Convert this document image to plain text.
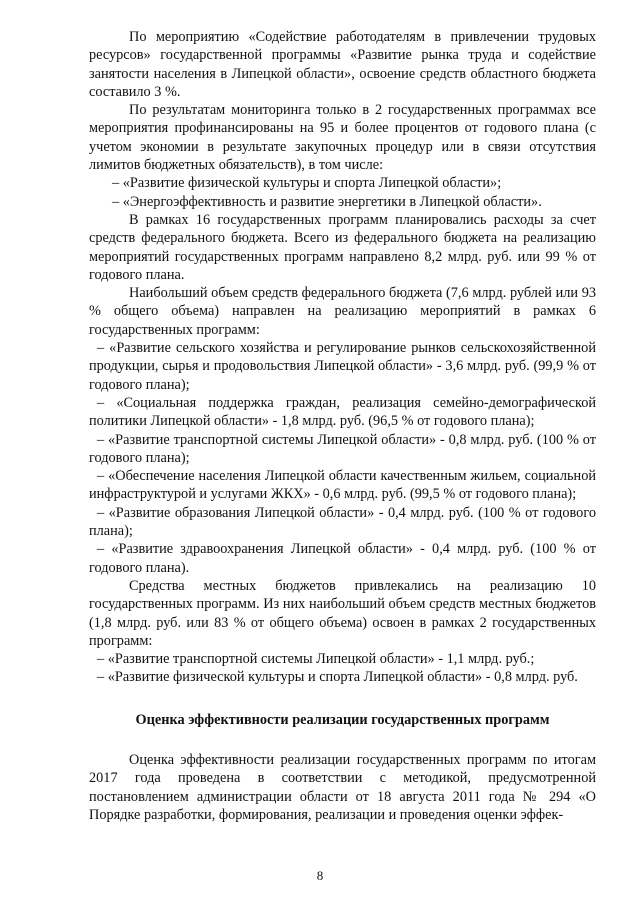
По мероприятию «Содействие работодателям в привлечении трудовых ресурсов» государственной программы «Развитие рынка труда и содействие занятости населения в Липецкой области», освоение средств областного бюджета составило 3 %.

По результатам мониторинга только в 2 государственных программах все мероприятия профинансированы на 95 и более процентов от годового плана (с учетом экономии в результате закупочных процедур или в связи отсутствия лимитов бюджетных обязательств), в том числе:

– «Развитие физической культуры и спорта Липецкой области»;

– «Энергоэффективность и развитие энергетики в Липецкой области».

В рамках 16 государственных программ планировались расходы за счет средств федерального бюджета. Всего из федерального бюджета на реализацию мероприятий государственных программ направлено 8,2 млрд. руб. или 99 % от годового плана.

Наибольший объем средств федерального бюджета (7,6 млрд. рублей или 93 % общего объема) направлен на реализацию мероприятий в рамках 6 государственных программ:

– «Развитие сельского хозяйства и регулирование рынков сельскохозяйственной продукции, сырья и продовольствия Липецкой области» - 3,6 млрд. руб. (99,9 % от годового плана);

– «Социальная поддержка граждан, реализация семейно-демографической политики Липецкой области» - 1,8 млрд. руб. (96,5 % от годового плана);

– «Развитие транспортной системы Липецкой области» - 0,8 млрд. руб. (100 % от годового плана);

– «Обеспечение населения Липецкой области качественным жильем, социальной инфраструктурой и услугами ЖКХ» - 0,6 млрд. руб. (99,5 % от годового плана);

– «Развитие образования Липецкой области» - 0,4 млрд. руб. (100 % от годового плана);

– «Развитие здравоохранения Липецкой области» - 0,4 млрд. руб. (100 % от годового плана).

Средства местных бюджетов привлекались на реализацию 10 государственных программ. Из них наибольший объем средств местных бюджетов (1,8 млрд. руб. или 83 % от общего объема) освоен в рамках 2 государственных программ:

– «Развитие транспортной системы Липецкой области» - 1,1 млрд. руб.;

– «Развитие физической культуры и спорта Липецкой области» - 0,8 млрд. руб.

Оценка эффективности реализации государственных программ

Оценка эффективности реализации государственных программ по итогам 2017 года проведена в соответствии с методикой, предусмотренной постановлением администрации области от 18 августа 2011 года № 294 «О Порядке разработки, формирования, реализации и проведения оценки эффек-

8
